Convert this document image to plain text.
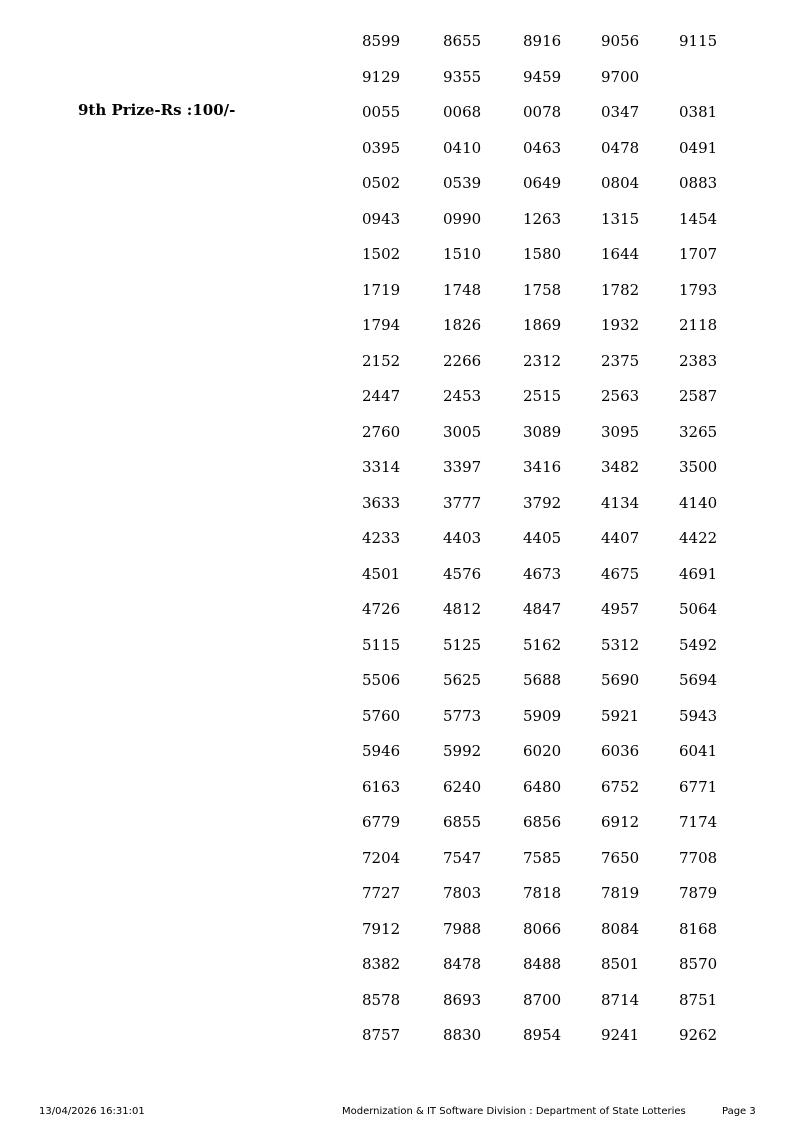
9th Prize-Rs :100/-
8599	8655	8916	9056	9115
9129	9355	9459	9700
0055	0068	0078	0347	0381
0395	0410	0463	0478	0491
0502	0539	0649	0804	0883
0943	0990	1263	1315	1454
1502	1510	1580	1644	1707
1719	1748	1758	1782	1793
1794	1826	1869	1932	2118
2152	2266	2312	2375	2383
2447	2453	2515	2563	2587
2760	3005	3089	3095	3265
3314	3397	3416	3482	3500
3633	3777	3792	4134	4140
4233	4403	4405	4407	4422
4501	4576	4673	4675	4691
4726	4812	4847	4957	5064
5115	5125	5162	5312	5492
5506	5625	5688	5690	5694
5760	5773	5909	5921	5943
5946	5992	6020	6036	6041
6163	6240	6480	6752	6771
6779	6855	6856	6912	7174
7204	7547	7585	7650	7708
7727	7803	7818	7819	7879
7912	7988	8066	8084	8168
8382	8478	8488	8501	8570
8578	8693	8700	8714	8751
8757	8830	8954	9241	9262
13/04/2026 16:31:01	Modernization & IT Software Division : Department of State Lotteries	Page 3
